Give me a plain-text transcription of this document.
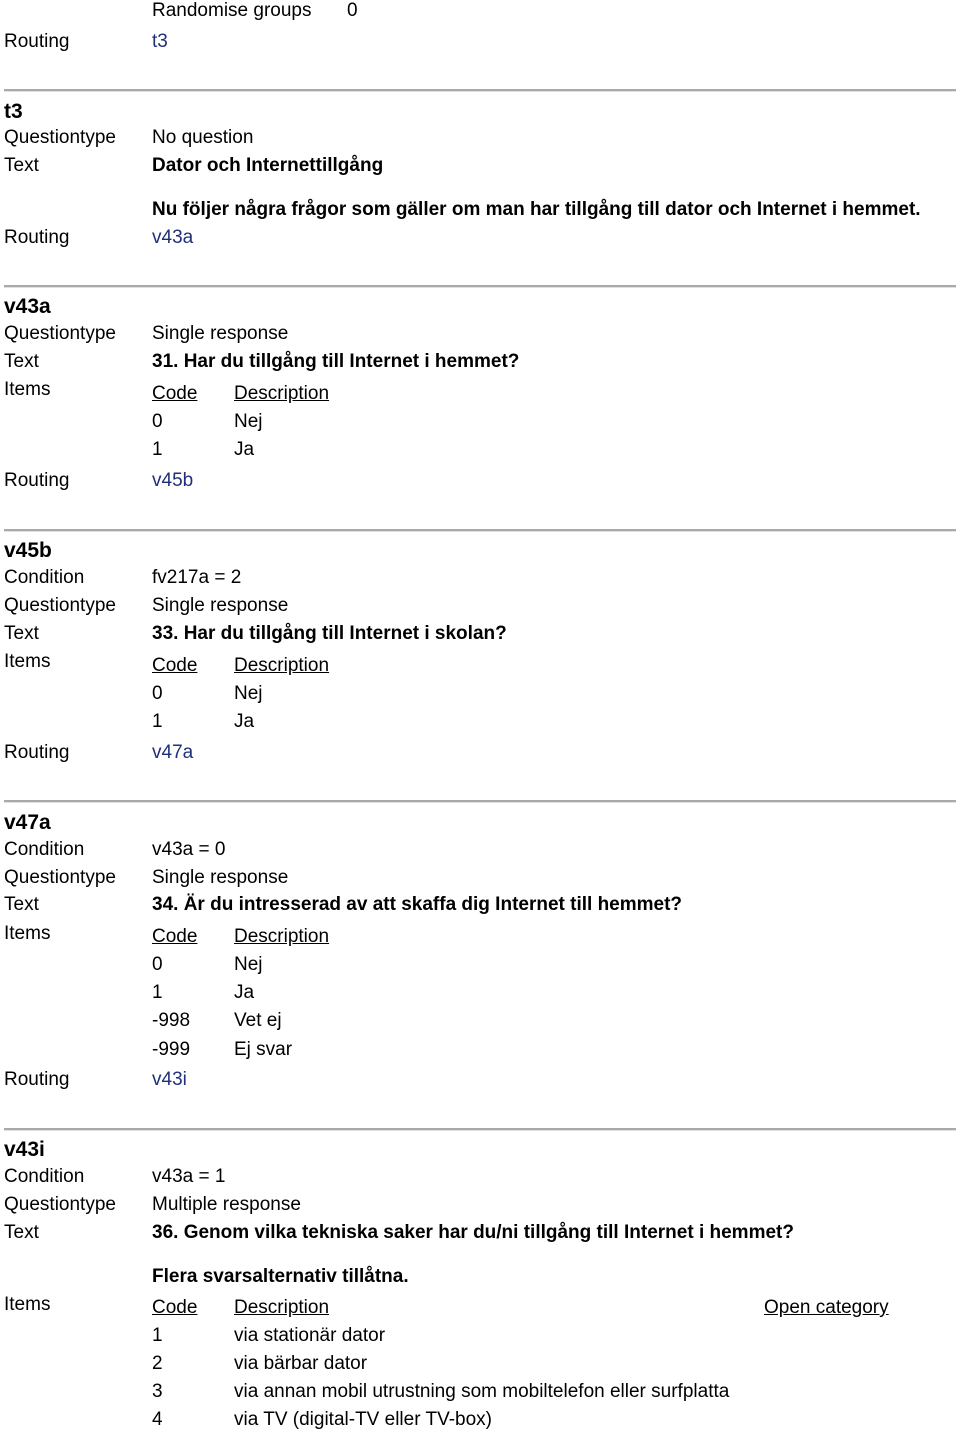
Randomise groups 0
Routing	t3
t3
Questiontype No question
Text	Dator och Internettillgång
Nu följer några frågor som gäller om man har tillgång till dator och Internet i hemmet.
Routing	v43a
v43a
Questiontype Single response
Text	31. Har du tillgång till Internet i hemmet?
Items	Code Description
0	Nej
1	Ja
Routing	v45b
v45b
Condition	fv217a = 2
Questiontype Single response
Text	33. Har du tillgång till Internet i skolan?
Items	Code Description
0	Nej
1	Ja
Routing	v47a
v47a
Condition	v43a = 0
Questiontype Single response
Text	34. Är du intresserad av att skaffa dig Internet till hemmet?
Items	Code Description
0	Nej
1	Ja
-998 Vet ej
-999 Ej svar
Routing	v43i
v43i
Condition	v43a = 1
Questiontype Multiple response
Text	36. Genom vilka tekniska saker har du/ni tillgång till Internet i hemmet?
Flera svarsalternativ tillåtna.
Items	Code Description	Open category
1	via stationär dator
2	via bärbar dator
3	via annan mobil utrustning som mobiltelefon eller surfplatta
4	via TV (digital-TV eller TV-box)
